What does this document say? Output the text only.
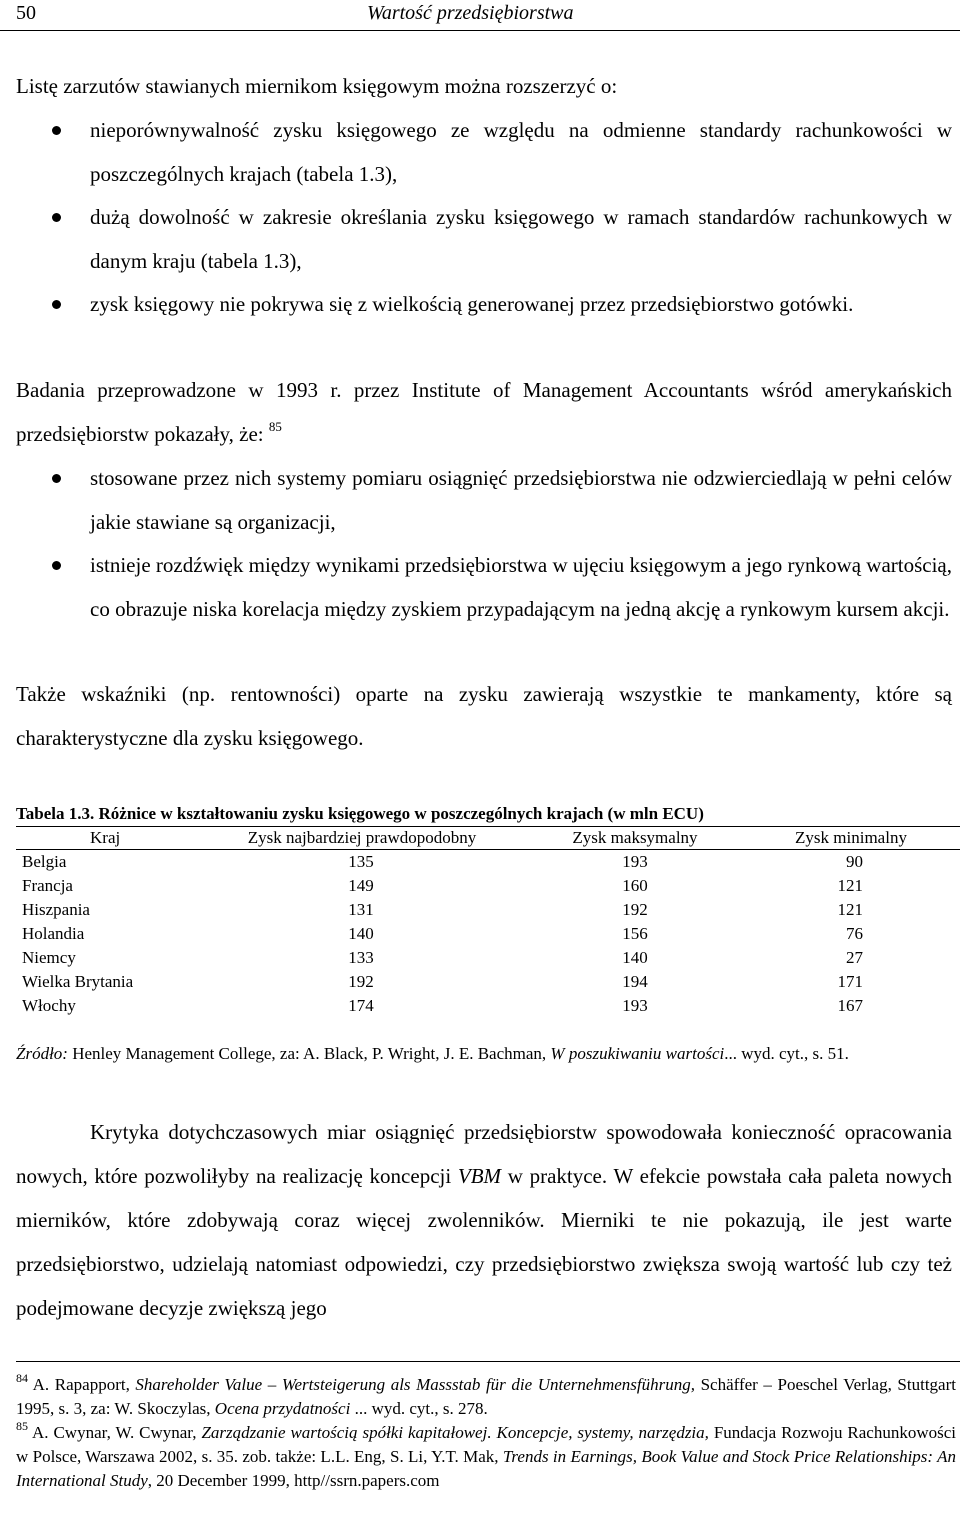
50	Wartość przedsiębiorstwa
Listę zarzutów stawianych miernikom księgowym można rozszerzyć o:
nieporównywalność zysku księgowego ze względu na odmienne standardy rachunkowości w poszczególnych krajach (tabela 1.3),
dużą dowolność w zakresie określania zysku księgowego w ramach standardów rachunkowych w danym kraju (tabela 1.3),
zysk księgowy nie pokrywa się z wielkością generowanej przez przedsiębiorstwo gotówki.
Badania przeprowadzone w 1993 r. przez Institute of Management Accountants wśród amerykańskich przedsiębiorstw pokazały, że: $^{85}$
stosowane przez nich systemy pomiaru osiągnięć przedsiębiorstwa nie odzwierciedlają w pełni celów jakie stawiane są organizacji,
istnieje rozdźwięk między wynikami przedsiębiorstwa w ujęciu księgowym a jego rynkową wartością, co obrazuje niska korelacja między zyskiem przypadającym na jedną akcję a rynkowym kursem akcji.
Także wskaźniki (np. rentowności) oparte na zysku zawierają wszystkie te mankamenty, które są charakterystyczne dla zysku księgowego.
Tabela 1.3. Różnice w kształtowaniu zysku księgowego w poszczególnych krajach (w mln ECU)
Kraj	Zysk najbardziej prawdopodobny	Zysk maksymalny	Zysk minimalny
Belgia	135	193	90
Francja	149	160	121
Hiszpania	131	192	121
Holandia	140	156	76
Niemcy	133	140	27
Wielka Brytania	192	194	171
Włochy	174	193	167
Źródło: Henley Management College, za: A. Black, P. Wright, J. E. Bachman, W poszukiwaniu wartości... wyd. cyt., s. 51.
Krytyka dotychczasowych miar osiągnięć przedsiębiorstw spowodowała konieczność opracowania nowych, które pozwoliłyby na realizację koncepcji VBM w praktyce. W efekcie powstała cała paleta nowych mierników, które zdobywają coraz więcej zwolenników. Mierniki te nie pokazują, ile jest warte przedsiębiorstwo, udzielają natomiast odpowiedzi, czy przedsiębiorstwo zwiększa swoją wartość lub czy też podejmowane decyzje zwiększą jego
$^{84}$ A. Rapapport, Shareholder Value – Wertsteigerung als Massstab für die Unternehmensführung, Schäffer – Poeschel Verlag, Stuttgart 1995, s. 3, za: W. Skoczylas, Ocena przydatności ... wyd. cyt., s. 278.
$^{85}$ A. Cwynar, W. Cwynar, Zarządzanie wartością spółki kapitałowej. Koncepcje, systemy, narzędzia, Fundacja Rozwoju Rachunkowości w Polsce, Warszawa 2002, s. 35. zob. także: L.L. Eng, S. Li, Y.T. Mak, Trends in Earnings, Book Value and Stock Price Relationships: An International Study, 20 December 1999, http//ssrn.papers.com
